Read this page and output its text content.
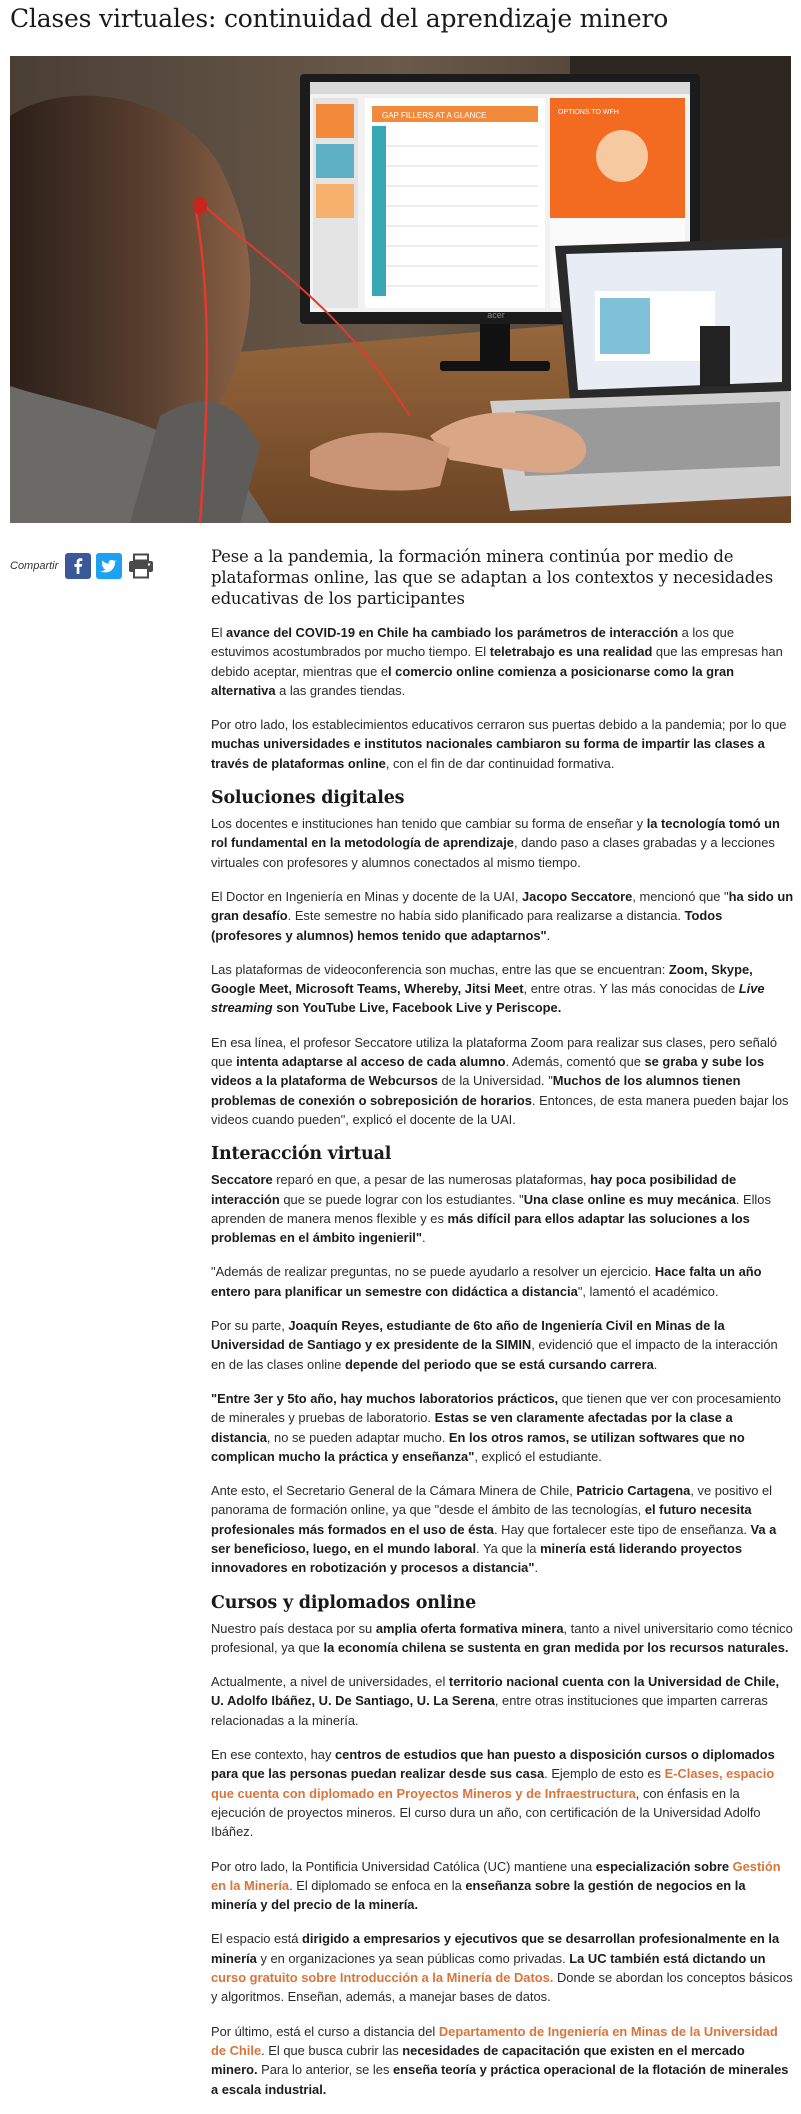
Clases virtuales: continuidad del aprendizaje minero
GAP FILLERS AT A GLANCE	OPTIONS TO WFH
acer
Compartir	Pese a la pandemia, la formación minera continúa por medio de plataformas online, las que se adaptan a los contextos y necesidades educativas de los participantes

El avance del COVID-19 en Chile ha cambiado los parámetros de interacción a los que estuvimos acostumbrados por mucho tiempo. El teletrabajo es una realidad que las empresas han debido aceptar, mientras que el comercio online comienza a posicionarse como la gran alternativa a las grandes tiendas.

Por otro lado, los establecimientos educativos cerraron sus puertas debido a la pandemia; por lo que muchas universidades e institutos nacionales cambiaron su forma de impartir las clases a través de plataformas online, con el fin de dar continuidad formativa.

Soluciones digitales

Los docentes e instituciones han tenido que cambiar su forma de enseñar y la tecnología tomó un rol fundamental en la metodología de aprendizaje, dando paso a clases grabadas y a lecciones virtuales con profesores y alumnos conectados al mismo tiempo.

El Doctor en Ingeniería en Minas y docente de la UAI, Jacopo Seccatore, mencionó que "ha sido un gran desafío. Este semestre no había sido planificado para realizarse a distancia. Todos (profesores y alumnos) hemos tenido que adaptarnos".

Las plataformas de videoconferencia son muchas, entre las que se encuentran: Zoom, Skype, Google Meet, Microsoft Teams, Whereby, Jitsi Meet, entre otras. Y las más conocidas de Live streaming son YouTube Live, Facebook Live y Periscope.

En esa línea, el profesor Seccatore utiliza la plataforma Zoom para realizar sus clases, pero señaló que intenta adaptarse al acceso de cada alumno. Además, comentó que se graba y sube los videos a la plataforma de Webcursos de la Universidad. "Muchos de los alumnos tienen problemas de conexión o sobreposición de horarios. Entonces, de esta manera pueden bajar los videos cuando pueden", explicó el docente de la UAI.

Interacción virtual

Seccatore reparó en que, a pesar de las numerosas plataformas, hay poca posibilidad de interacción que se puede lograr con los estudiantes. "Una clase online es muy mecánica. Ellos aprenden de manera menos flexible y es más difícil para ellos adaptar las soluciones a los problemas en el ámbito ingenieril".

"Además de realizar preguntas, no se puede ayudarlo a resolver un ejercicio. Hace falta un año entero para planificar un semestre con didáctica a distancia", lamentó el académico.

Por su parte, Joaquín Reyes, estudiante de 6to año de Ingeniería Civil en Minas de la Universidad de Santiago y ex presidente de la SIMIN, evidenció que el impacto de la interacción en de las clases online depende del periodo que se está cursando carrera.

"Entre 3er y 5to año, hay muchos laboratorios prácticos, que tienen que ver con procesamiento de minerales y pruebas de laboratorio. Estas se ven claramente afectadas por la clase a distancia, no se pueden adaptar mucho. En los otros ramos, se utilizan softwares que no complican mucho la práctica y enseñanza", explicó el estudiante.

Ante esto, el Secretario General de la Cámara Minera de Chile, Patricio Cartagena, ve positivo el panorama de formación online, ya que "desde el ámbito de las tecnologías, el futuro necesita profesionales más formados en el uso de ésta. Hay que fortalecer este tipo de enseñanza. Va a ser beneficioso, luego, en el mundo laboral. Ya que la minería está liderando proyectos innovadores en robotización y procesos a distancia".

Cursos y diplomados online

Nuestro país destaca por su amplia oferta formativa minera, tanto a nivel universitario como técnico profesional, ya que la economía chilena se sustenta en gran medida por los recursos naturales.

Actualmente, a nivel de universidades, el territorio nacional cuenta con la Universidad de Chile, U. Adolfo Ibáñez, U. De Santiago, U. La Serena, entre otras instituciones que imparten carreras relacionadas a la minería.

En ese contexto, hay centros de estudios que han puesto a disposición cursos o diplomados para que las personas puedan realizar desde sus casa. Ejemplo de esto es E-Clases, espacio que cuenta con diplomado en Proyectos Mineros y de Infraestructura, con énfasis en la ejecución de proyectos mineros. El curso dura un año, con certificación de la Universidad Adolfo Ibáñez.

Por otro lado, la Pontificia Universidad Católica (UC) mantiene una especialización sobre Gestión en la Minería. El diplomado se enfoca en la enseñanza sobre la gestión de negocios en la minería y del precio de la minería.

El espacio está dirigido a empresarios y ejecutivos que se desarrollan profesionalmente en la minería y en organizaciones ya sean públicas como privadas. La UC también está dictando un curso gratuito sobre Introducción a la Minería de Datos. Donde se abordan los conceptos básicos y algoritmos. Enseñan, además, a manejar bases de datos.

Por último, está el curso a distancia del Departamento de Ingeniería en Minas de la Universidad de Chile. El que busca cubrir las necesidades de capacitación que existen en el mercado minero. Para lo anterior, se les enseña teoría y práctica operacional de la flotación de minerales a escala industrial.
